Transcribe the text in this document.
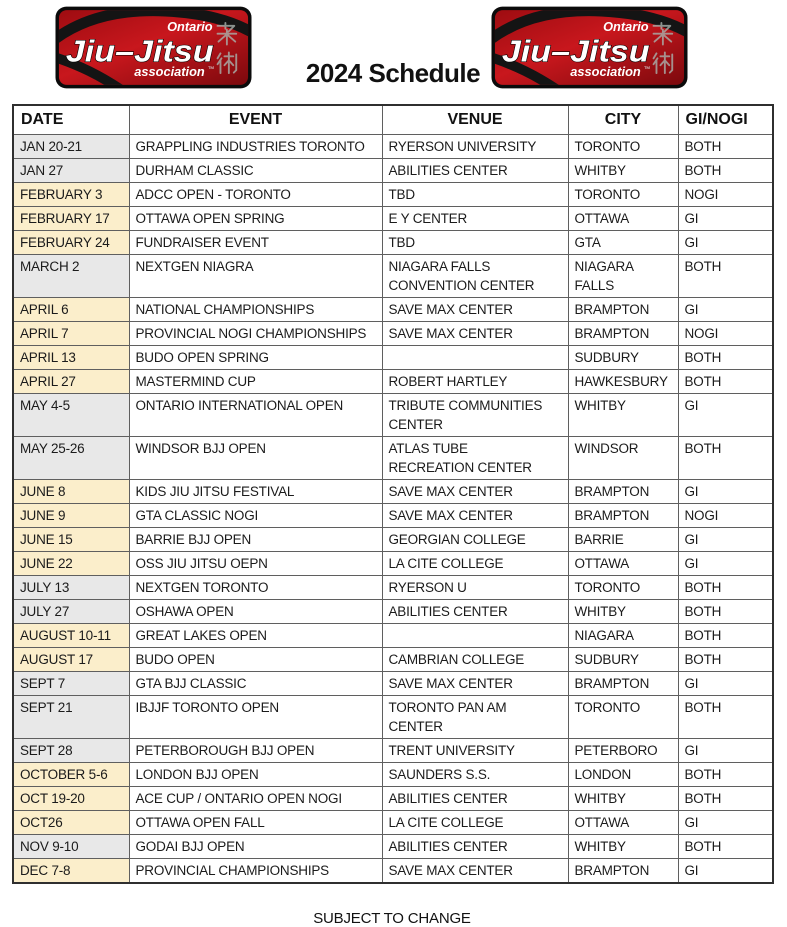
Ontario
Jiu–Jitsu
association ™	2024 Schedule
Ontario
Jiu–Jitsu
association ™
DATE	EVENT	VENUE	CITY	GI/NOGI
JAN 20-21	GRAPPLING INDUSTRIES TORONTO	RYERSON UNIVERSITY	TORONTO	BOTH
JAN 27	DURHAM CLASSIC	ABILITIES CENTER	WHITBY	BOTH
FEBRUARY 3	ADCC OPEN - TORONTO	TBD	TORONTO	NOGI
FEBRUARY 17	OTTAWA OPEN SPRING	E Y CENTER	OTTAWA	GI
FEBRUARY 24	FUNDRAISER EVENT	TBD	GTA	GI
MARCH 2	NEXTGEN NIAGRA	NIAGARA FALLS CONVENTION CENTER	NIAGARA FALLS	BOTH
APRIL 6	NATIONAL CHAMPIONSHIPS	SAVE MAX CENTER	BRAMPTON	GI
APRIL 7	PROVINCIAL NOGI CHAMPIONSHIPS	SAVE MAX CENTER	BRAMPTON	NOGI
APRIL 13	BUDO OPEN SPRING		SUDBURY	BOTH
APRIL 27	MASTERMIND CUP	ROBERT HARTLEY	HAWKESBURY	BOTH
MAY 4-5	ONTARIO INTERNATIONAL OPEN	TRIBUTE COMMUNITIES CENTER	WHITBY	GI
MAY 25-26	WINDSOR BJJ OPEN	ATLAS TUBE RECREATION CENTER	WINDSOR	BOTH
JUNE 8	KIDS JIU JITSU FESTIVAL	SAVE MAX CENTER	BRAMPTON	GI
JUNE 9	GTA CLASSIC NOGI	SAVE MAX CENTER	BRAMPTON	NOGI
JUNE 15	BARRIE BJJ OPEN	GEORGIAN COLLEGE	BARRIE	GI
JUNE 22	OSS JIU JITSU OEPN	LA CITE COLLEGE	OTTAWA	GI
JULY 13	NEXTGEN TORONTO	RYERSON U	TORONTO	BOTH
JULY 27	OSHAWA OPEN	ABILITIES CENTER	WHITBY	BOTH
AUGUST 10-11	GREAT LAKES OPEN		NIAGARA	BOTH
AUGUST 17	BUDO OPEN	CAMBRIAN COLLEGE	SUDBURY	BOTH
SEPT 7	GTA BJJ CLASSIC	SAVE MAX CENTER	BRAMPTON	GI
SEPT 21	IBJJF TORONTO OPEN	TORONTO PAN AM CENTER	TORONTO	BOTH
SEPT 28	PETERBOROUGH BJJ OPEN	TRENT UNIVERSITY	PETERBORO	GI
OCTOBER 5-6	LONDON BJJ OPEN	SAUNDERS S.S.	LONDON	BOTH
OCT 19-20	ACE CUP / ONTARIO OPEN NOGI	ABILITIES CENTER	WHITBY	BOTH
OCT26	OTTAWA OPEN FALL	LA CITE COLLEGE	OTTAWA	GI
NOV 9-10	GODAI BJJ OPEN	ABILITIES CENTER	WHITBY	BOTH
DEC 7-8	PROVINCIAL CHAMPIONSHIPS	SAVE MAX CENTER	BRAMPTON	GI
SUBJECT TO CHANGE
